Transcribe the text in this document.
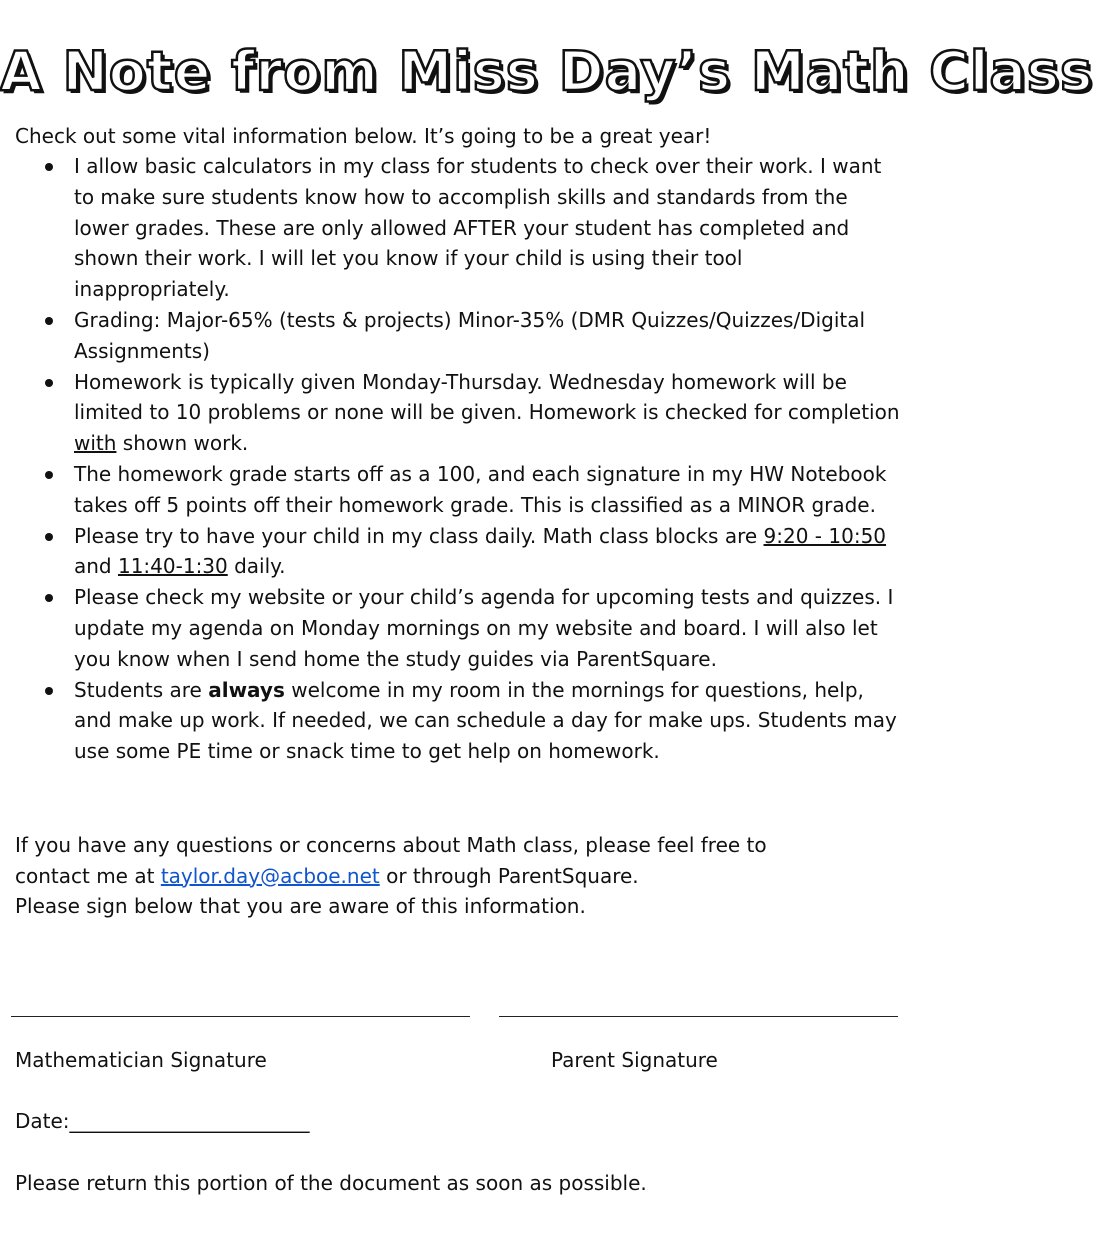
A Note from Miss Day’s Math Class
Check out some vital information below. It’s going to be a great year!
I allow basic calculators in my class for students to check over their work. I want to make sure students know how to accomplish skills and standards from the lower grades. These are only allowed AFTER your student has completed and shown their work. I will let you know if your child is using their tool inappropriately.
Grading: Major-65% (tests & projects) Minor-35% (DMR Quizzes/Quizzes/Digital Assignments)
Homework is typically given Monday-Thursday. Wednesday homework will be limited to 10 problems or none will be given. Homework is checked for completion with shown work.
The homework grade starts off as a 100, and each signature in my HW Notebook takes off 5 points off their homework grade. This is classified as a MINOR grade.
Please try to have your child in my class daily. Math class blocks are 9:20 - 10:50 and 11:40-1:30 daily.
Please check my website or your child’s agenda for upcoming tests and quizzes. I update my agenda on Monday mornings on my website and board. I will also let you know when I send home the study guides via ParentSquare.
Students are always welcome in my room in the mornings for questions, help, and make up work. If needed, we can schedule a day for make ups. Students may use some PE time or snack time to get help on homework.
If you have any questions or concerns about Math class, please feel free to
contact me at taylor.day@acboe.net or through ParentSquare.
Please sign below that you are aware of this information.
Mathematician Signature	Parent Signature
Date:________________________
Please return this portion of the document as soon as possible.
